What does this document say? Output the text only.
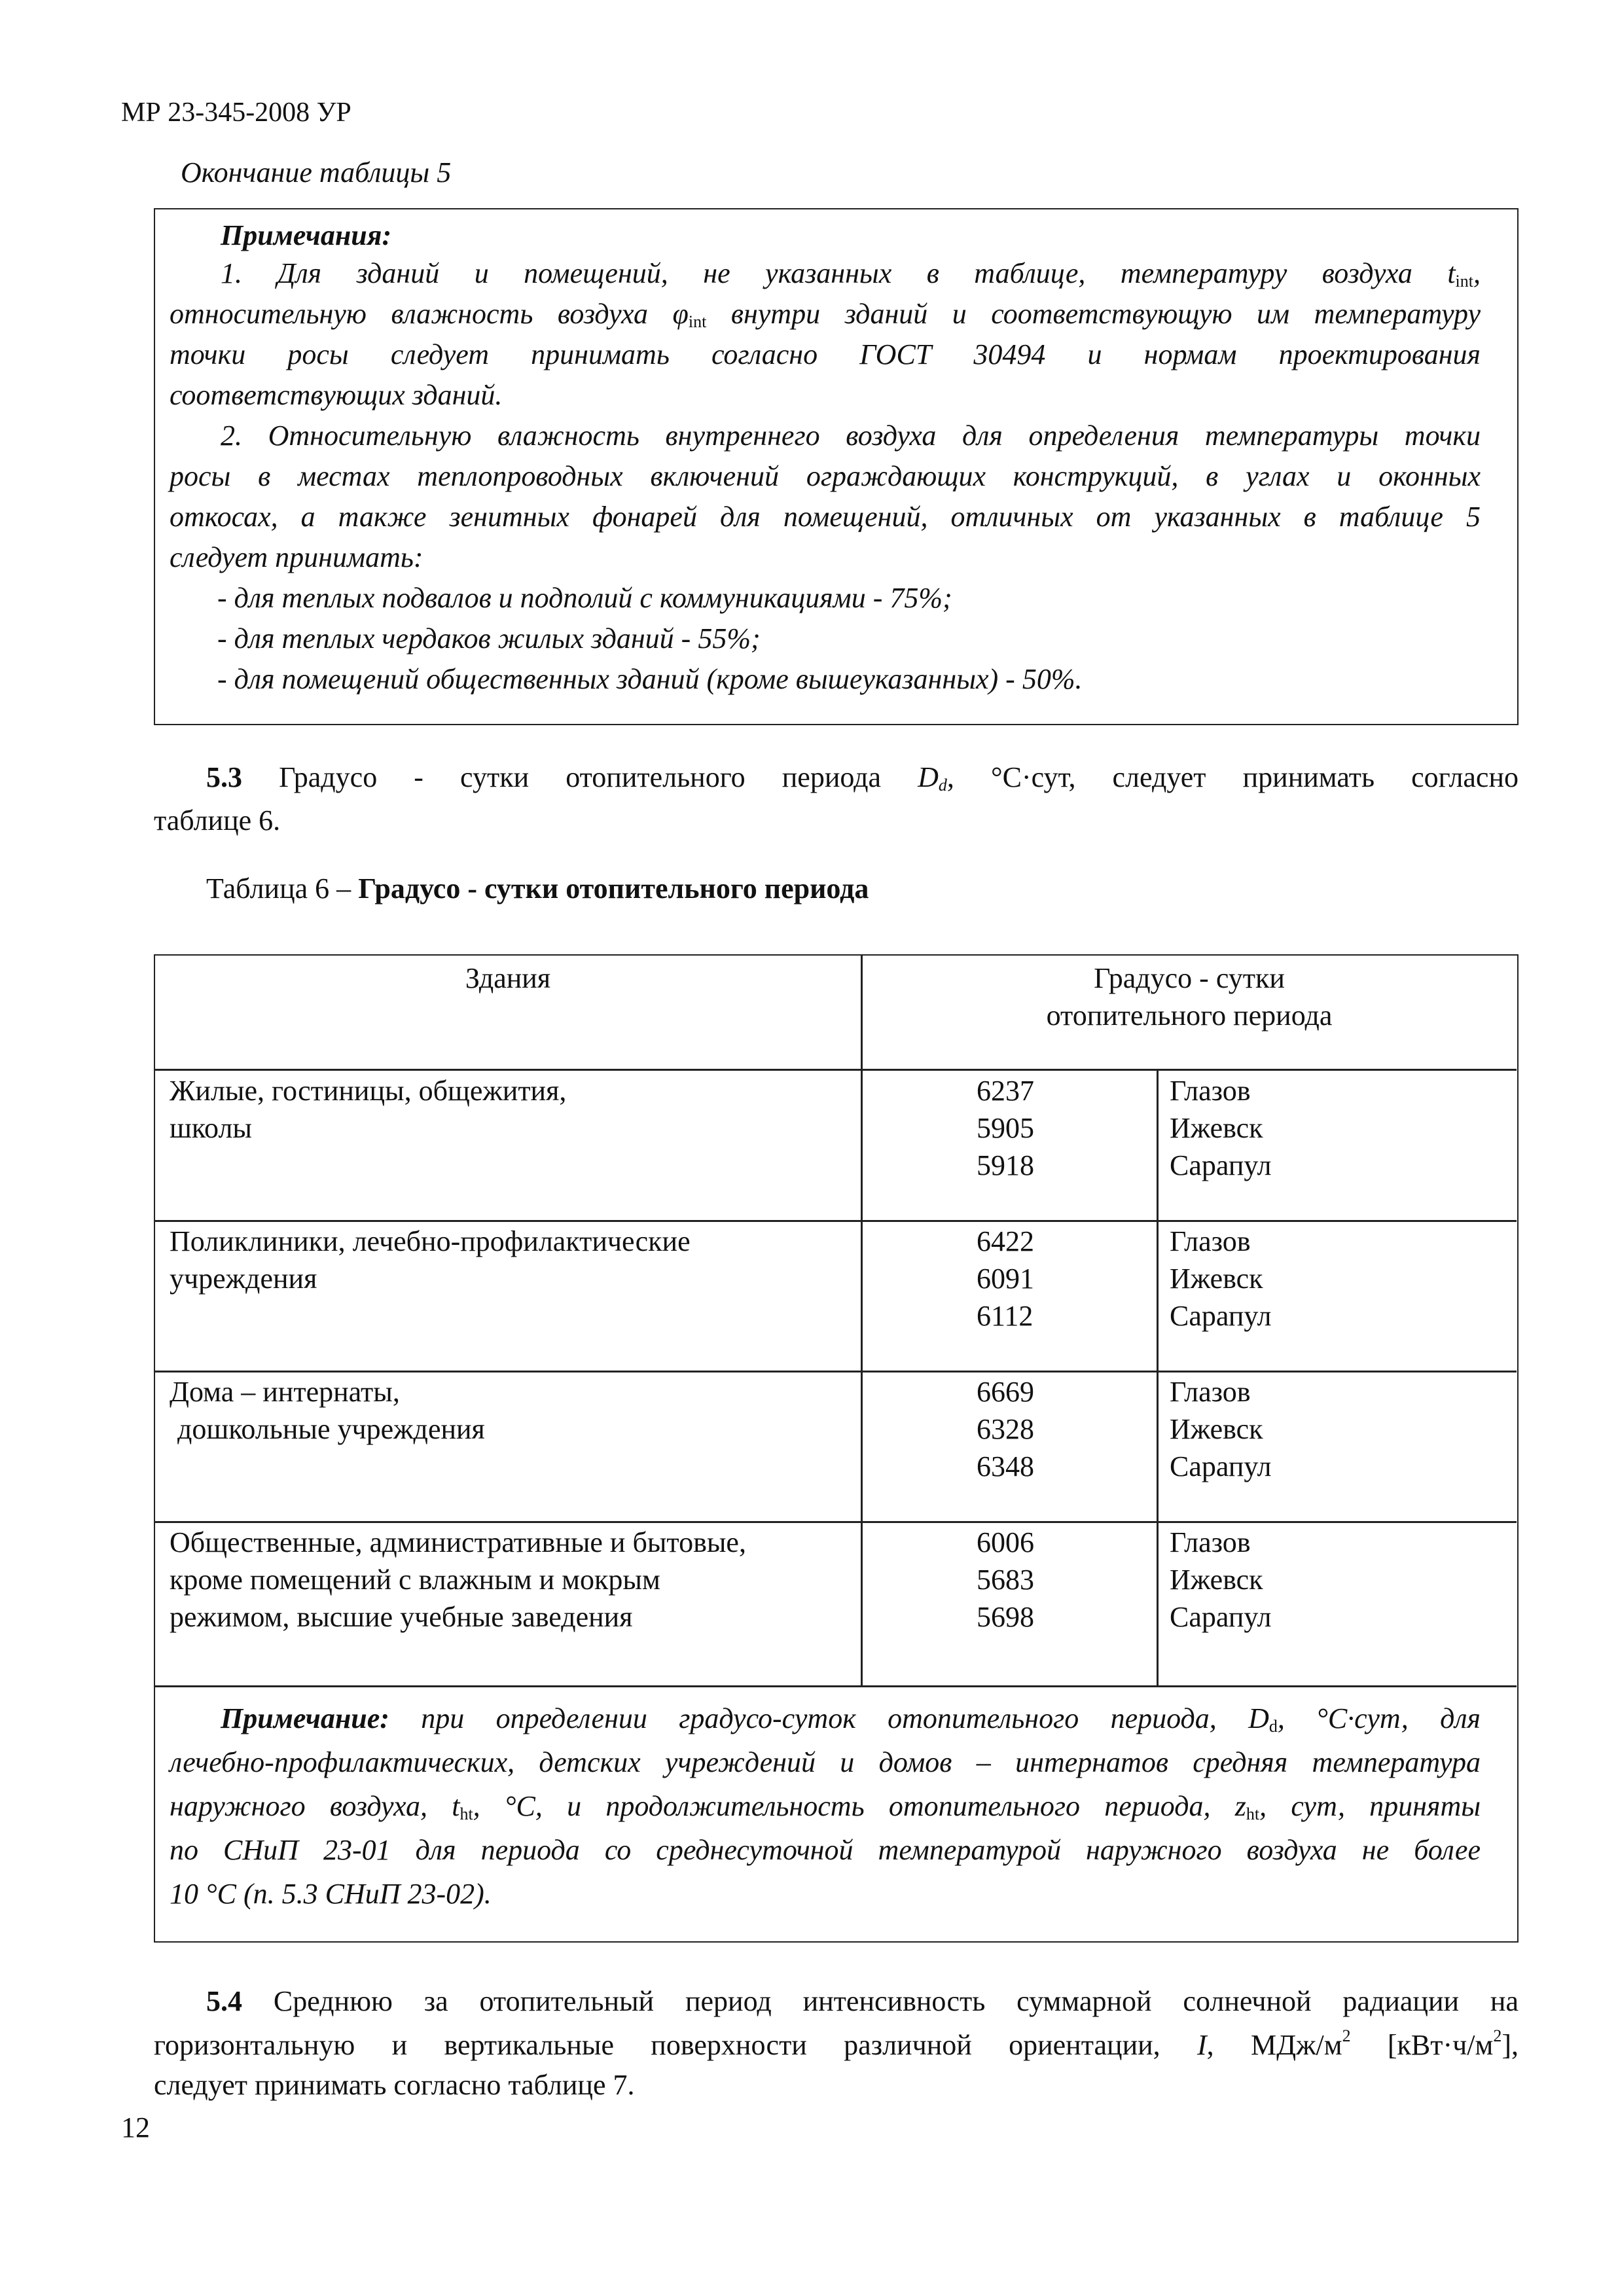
МР 23-345-2008 УР
Окончание таблицы 5
Примечания:
1. Для зданий и помещений, не указанных в таблице, температуру воздуха $t_{int}$,
относительную влажность воздуха $\varphi_{int}$ внутри зданий и соответствующую им температуру
точки росы следует принимать согласно ГОСТ 30494 и нормам проектирования
соответствующих зданий.
2. Относительную влажность внутреннего воздуха для определения температуры точки
росы в местах теплопроводных включений ограждающих конструкций, в углах и оконных
откосах, а также зенитных фонарей для помещений, отличных от указанных в таблице 5
следует принимать:
- для теплых подвалов и подполий с коммуникациями - 75%;
- для теплых чердаков жилых зданий - 55%;
- для помещений общественных зданий (кроме вышеуказанных) - 50%.
5.3 Градусо - сутки отопительного периода $D_d$, °С·сут, следует принимать согласно
таблице 6.
Таблица 6 – Градусо - сутки отопительного периода
Здания	Градусо - сутки
отопительного периода
Жилые, гостиницы, общежития,
школы
6237
5905
5918
Глазов
Ижевск
Сарапул
Поликлиники, лечебно-профилактические
учреждения
6422
6091
6112
Глазов
Ижевск
Сарапул
Дома – интернаты,
дошкольные учреждения
6669
6328
6348
Глазов
Ижевск
Сарапул
Общественные, административные и бытовые,
кроме помещений с влажным и мокрым
режимом, высшие учебные заведения
6006
5683
5698
Глазов
Ижевск
Сарапул
Примечание: при определении градусо-суток отопительного периода, $D_d$, °С·сут, для
лечебно-профилактических, детских учреждений и домов – интернатов средняя температура
наружного воздуха, $t_{ht}$, °С, и продолжительность отопительного периода, $z_{ht}$, сут, приняты
по СНиП 23-01 для периода со среднесуточной температурой наружного воздуха не более
10 °С (п. 5.3 СНиП 23-02).
5.4 Среднюю за отопительный период интенсивность суммарной солнечной радиации на
горизонтальную и вертикальные поверхности различной ориентации, I, МДж/$м^2$ $[кВт\cdot ч/м^2]$,
следует принимать согласно таблице 7.
12
